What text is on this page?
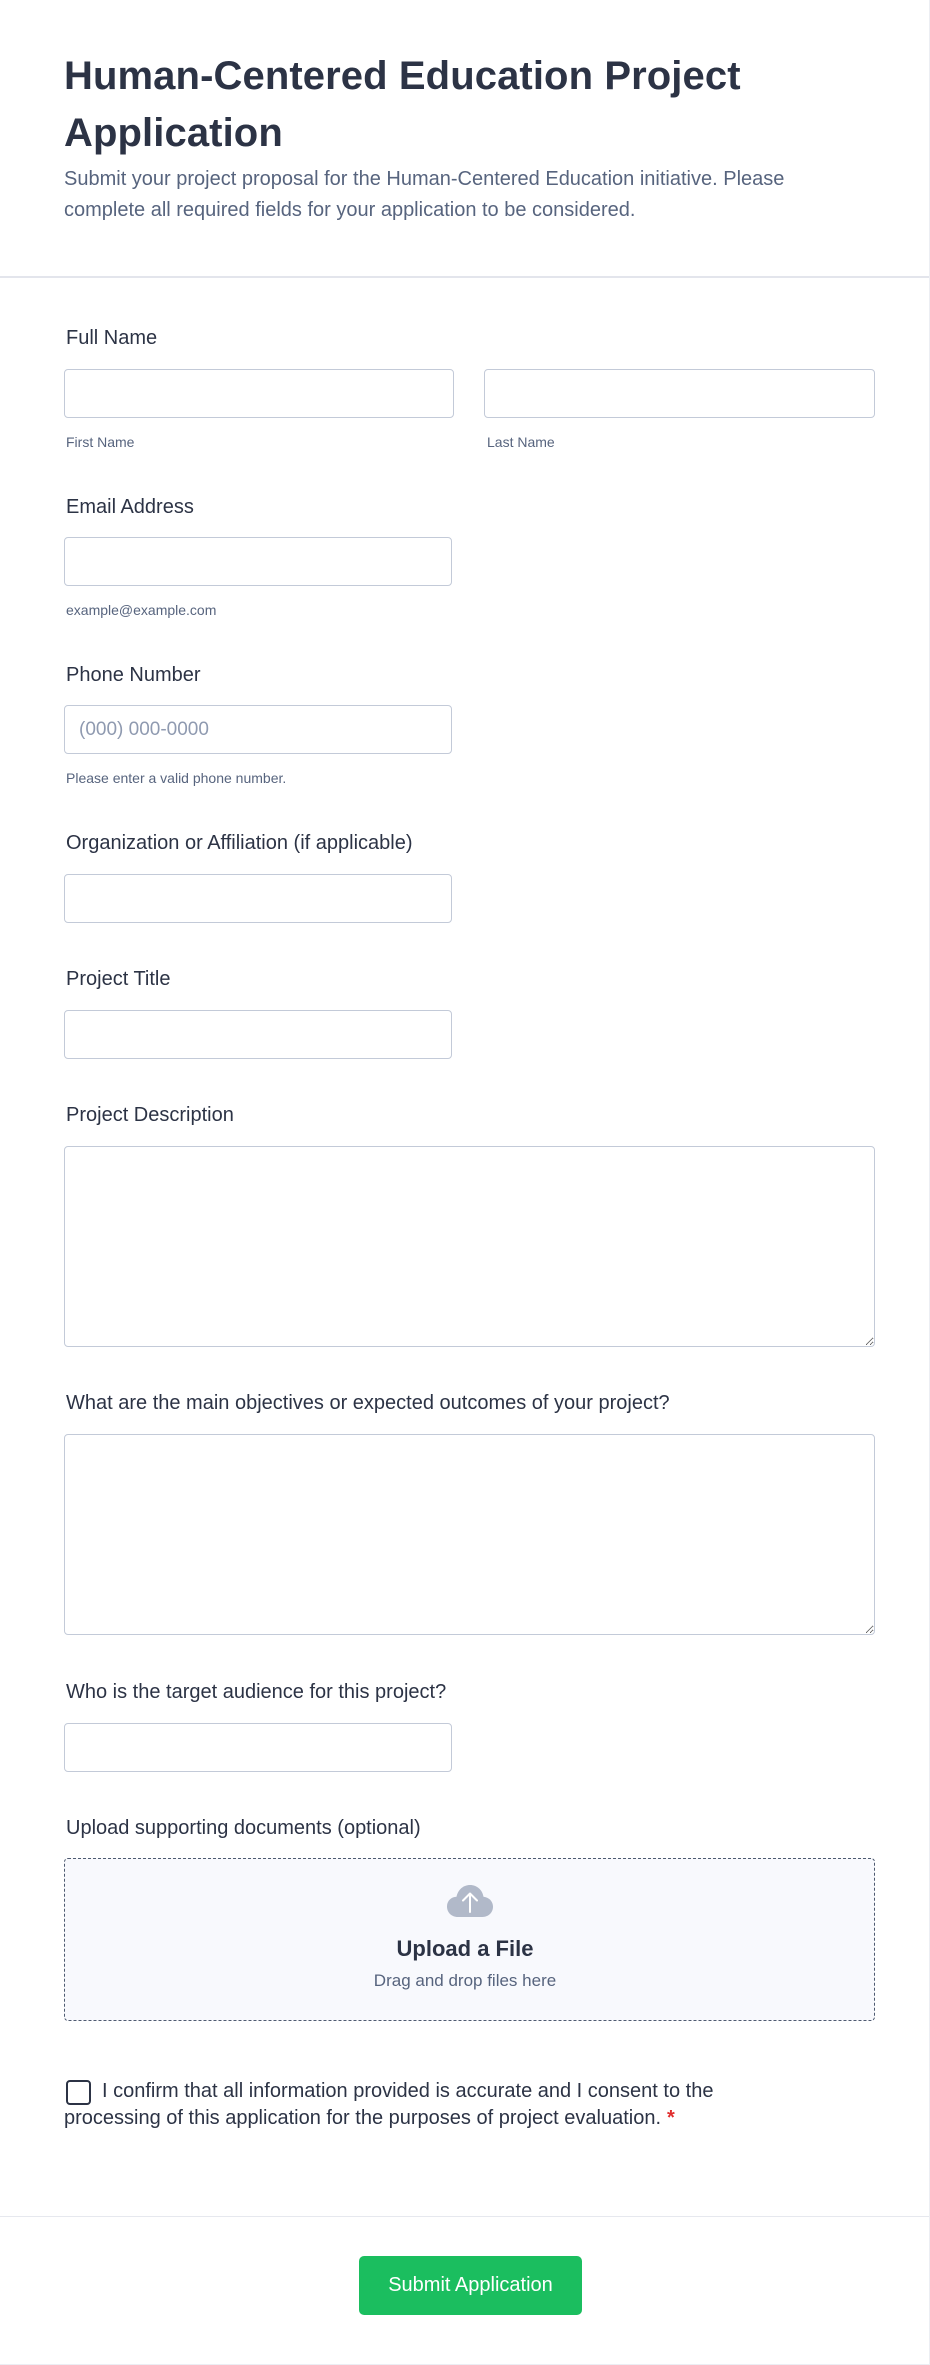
Human-Centered Education Project Application

Submit your project proposal for the Human-Centered Education initiative. Please complete all required fields for your application to be considered.

Full Name
First Name	Last Name
Email Address
example@example.com
Phone Number
(000) 000-0000
Please enter a valid phone number.
Organization or Affiliation (if applicable)
Project Title
Project Description
What are the main objectives or expected outcomes of your project?
Who is the target audience for this project?
Upload supporting documents (optional)
Upload a File
Drag and drop files here

I confirm that all information provided is accurate and I consent to the processing of this application for the purposes of project evaluation. *

Submit Application
